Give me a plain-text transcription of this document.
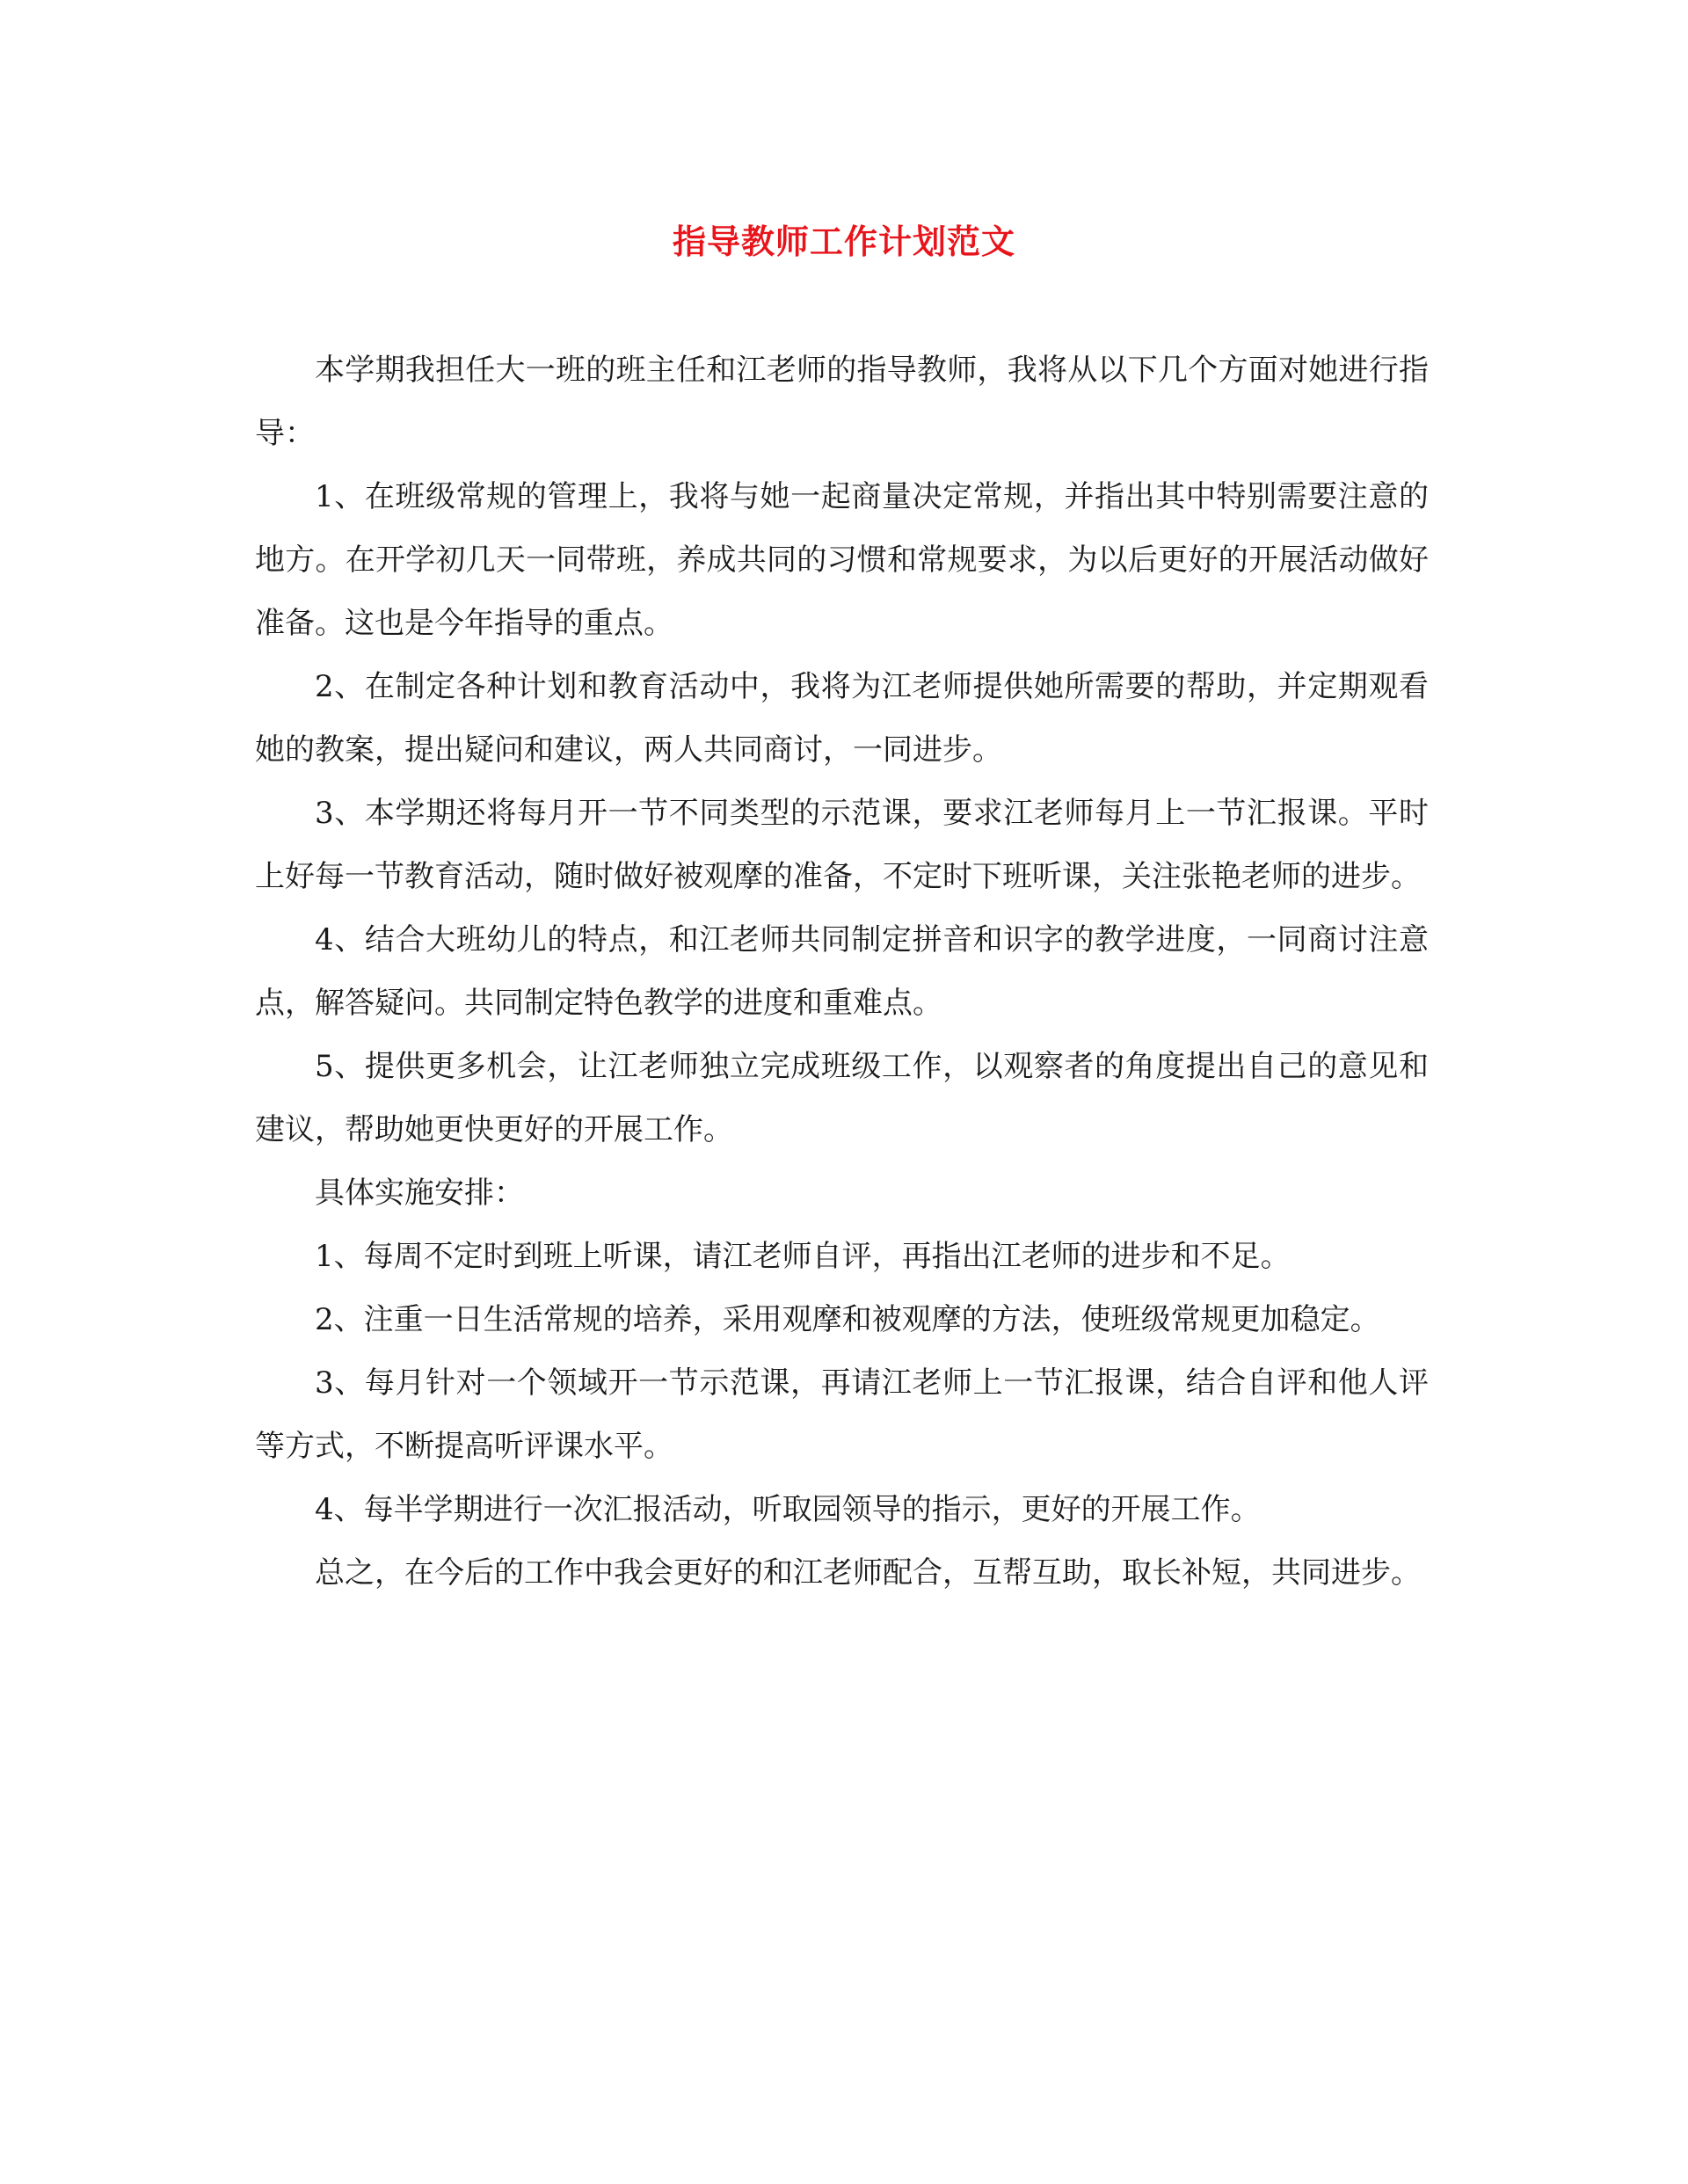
指导教师工作计划范文

本学期我担任大一班的班主任和江老师的指导教师，我将从以下几个方面对她进行指导：

1、在班级常规的管理上，我将与她一起商量决定常规，并指出其中特别需要注意的地方。在开学初几天一同带班，养成共同的习惯和常规要求，为以后更好的开展活动做好准备。这也是今年指导的重点。

2、在制定各种计划和教育活动中，我将为江老师提供她所需要的帮助，并定期观看她的教案，提出疑问和建议，两人共同商讨，一同进步。

3、本学期还将每月开一节不同类型的示范课，要求江老师每月上一节汇报课。平时上好每一节教育活动，随时做好被观摩的准备，不定时下班听课，关注张艳老师的进步。

4、结合大班幼儿的特点，和江老师共同制定拼音和识字的教学进度，一同商讨注意点，解答疑问。共同制定特色教学的进度和重难点。

5、提供更多机会，让江老师独立完成班级工作，以观察者的角度提出自己的意见和建议，帮助她更快更好的开展工作。

具体实施安排：

1、每周不定时到班上听课，请江老师自评，再指出江老师的进步和不足。

2、注重一日生活常规的培养，采用观摩和被观摩的方法，使班级常规更加稳定。

3、每月针对一个领域开一节示范课，再请江老师上一节汇报课，结合自评和他人评等方式，不断提高听评课水平。

4、每半学期进行一次汇报活动，听取园领导的指示，更好的开展工作。

总之，在今后的工作中我会更好的和江老师配合，互帮互助，取长补短，共同进步。
